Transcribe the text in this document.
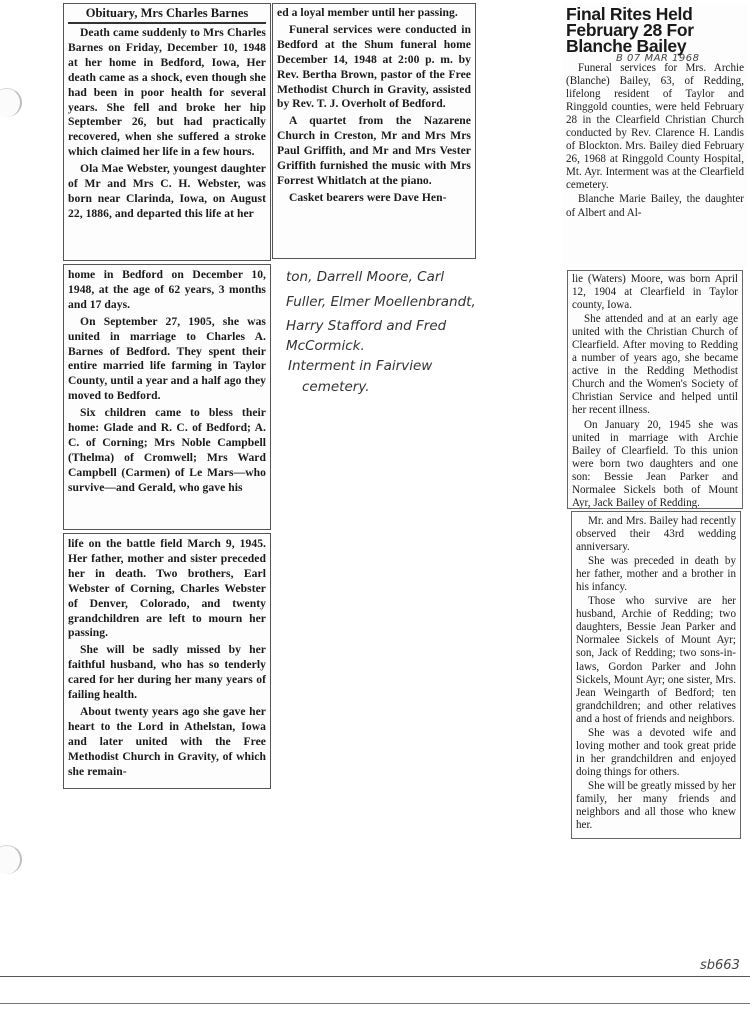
Obituary, Mrs Charles Barnes

Death came suddenly to Mrs Charles Barnes on Friday, December 10, 1948 at her home in Bedford, Iowa, Her death came as a shock, even though she had been in poor health for several years. She fell and broke her hip September 26, but had practically recovered, when she suffered a stroke which claimed her life in a few hours.

Ola Mae Webster, youngest daughter of Mr and Mrs C. H. Webster, was born near Clarinda, Iowa, on August 22, 1886, and departed this life at her

home in Bedford on December 10, 1948, at the age of 62 years, 3 months and 17 days.

On September 27, 1905, she was united in marriage to Charles A. Barnes of Bedford. They spent their entire married life farming in Taylor County, until a year and a half ago they moved to Bedford.

Six children came to bless their home: Glade and R. C. of Bedford; A. C. of Corning; Mrs Noble Campbell (Thelma) of Cromwell; Mrs Ward Campbell (Carmen) of Le Mars—who survive—and Gerald, who gave his

life on the battle field March 9, 1945. Her father, mother and sister preceded her in death. Two brothers, Earl Webster of Corning, Charles Webster of Denver, Colorado, and twenty grandchildren are left to mourn her passing.

She will be sadly missed by her faithful husband, who has so tenderly cared for her during her many years of failing health.

About twenty years ago she gave her heart to the Lord in Athelstan, Iowa and later united with the Free Methodist Church in Gravity, of which she remain-

ed a loyal member until her passing.

Funeral services were conducted in Bedford at the Shum funeral home December 14, 1948 at 2:00 p. m. by Rev. Bertha Brown, pastor of the Free Methodist Church in Gravity, assisted by Rev. T. J. Overholt of Bedford.

A quartet from the Nazarene Church in Creston, Mr and Mrs Mrs Paul Griffith, and Mr and Mrs Vester Griffith furnished the music with Mrs Forrest Whitlatch at the piano.

Casket bearers were Dave Hen-

ton, Darrell Moore, Carl
Fuller, Elmer Moellenbrandt,
Harry Stafford and Fred
McCormick.
Interment in Fairview
cemetery.
Final Rites Held
February 28 For
Blanche Bailey
B 07 MAR 1968

Funeral services for Mrs. Archie (Blanche) Bailey, 63, of Redding, lifelong resident of Taylor and Ringgold counties, were held February 28 in the Clearfield Christian Church conducted by Rev. Clarence H. Landis of Blockton. Mrs. Bailey died February 26, 1968 at Ringgold County Hospital, Mt. Ayr. Interment was at the Clearfield cemetery.

Blanche Marie Bailey, the daughter of Albert and Al-

lie (Waters) Moore, was born April 12, 1904 at Clearfield in Taylor county, Iowa.

She attended and at an early age united with the Christian Church of Clearfield. After moving to Redding a number of years ago, she became active in the Redding Methodist Church and the Women's Society of Christian Service and helped until her recent illness.

On January 20, 1945 she was united in marriage with Archie Bailey of Clearfield. To this union were born two daughters and one son: Bessie Jean Parker and Normalee Sickels both of Mount Ayr, Jack Bailey of Redding.

Mr. and Mrs. Bailey had recently observed their 43rd wedding anniversary.

She was preceded in death by her father, mother and a brother in his infancy.

Those who survive are her husband, Archie of Redding; two daughters, Bessie Jean Parker and Normalee Sickels of Mount Ayr; son, Jack of Redding; two sons-in-laws, Gordon Parker and John Sickels, Mount Ayr; one sister, Mrs. Jean Weingarth of Bedford; ten grandchildren; and other relatives and a host of friends and neighbors.

She was a devoted wife and loving mother and took great pride in her grandchildren and enjoyed doing things for others.

She will be greatly missed by her family, her many friends and neighbors and all those who knew her.

sb663
